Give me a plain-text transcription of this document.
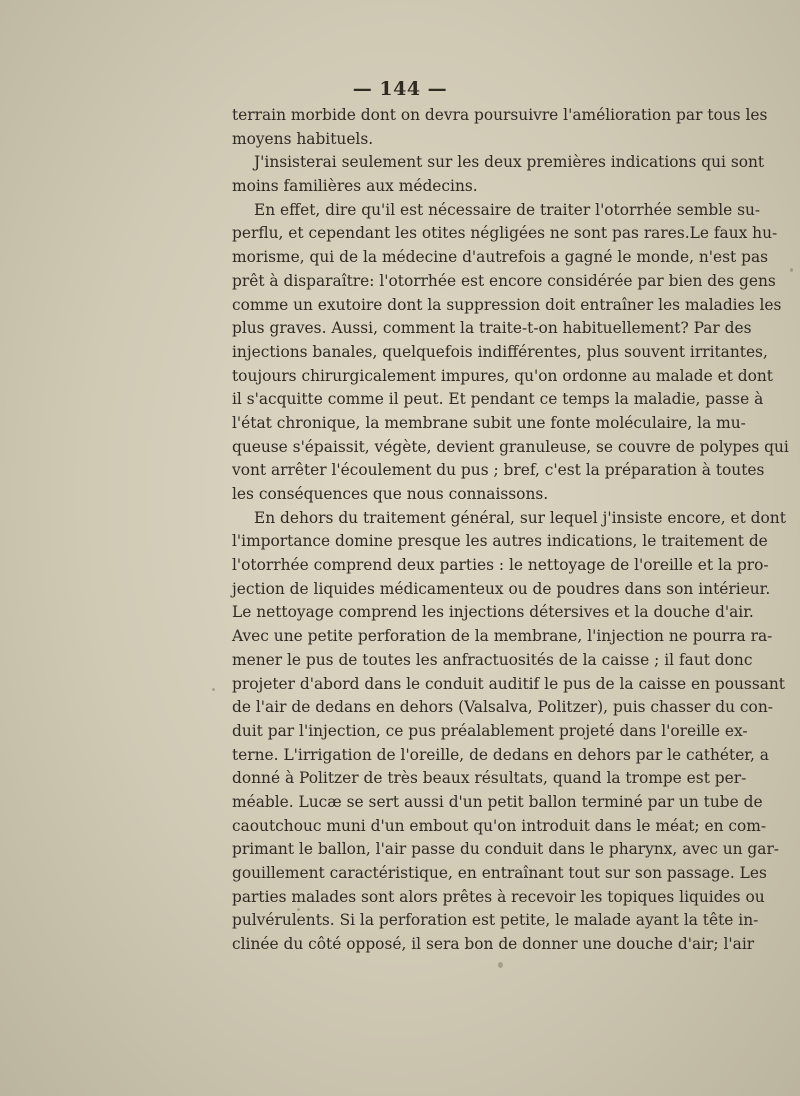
— 144 —
terrain morbide dont on devra poursuivre l'amélioration par tous les
moyens habituels.
J'insisterai seulement sur les deux premières indications qui sont
moins familières aux médecins.
En effet, dire qu'il est nécessaire de traiter l'otorrhée semble su-
perflu, et cependant les otites négligées ne sont pas rares.Le faux hu-
morisme, qui de la médecine d'autrefois a gagné le monde, n'est pas
prêt à disparaître: l'otorrhée est encore considérée par bien des gens
comme un exutoire dont la suppression doit entraîner les maladies les
plus graves. Aussi, comment la traite-t-on habituellement? Par des
injections banales, quelquefois indifférentes, plus souvent irritantes,
toujours chirurgicalement impures, qu'on ordonne au malade et dont
il s'acquitte comme il peut. Et pendant ce temps la maladie, passe à
l'état chronique, la membrane subit une fonte moléculaire, la mu-
queuse s'épaissit, végète, devient granuleuse, se couvre de polypes qui
vont arrêter l'écoulement du pus ; bref, c'est la préparation à toutes
les conséquences que nous connaissons.
En dehors du traitement général, sur lequel j'insiste encore, et dont
l'importance domine presque les autres indications, le traitement de
l'otorrhée comprend deux parties : le nettoyage de l'oreille et la pro-
jection de liquides médicamenteux ou de poudres dans son intérieur.
Le nettoyage comprend les injections détersives et la douche d'air.
Avec une petite perforation de la membrane, l'injection ne pourra ra-
mener le pus de toutes les anfractuosités de la caisse ; il faut donc
projeter d'abord dans le conduit auditif le pus de la caisse en poussant
de l'air de dedans en dehors (Valsalva, Politzer), puis chasser du con-
duit par l'injection, ce pus préalablement projeté dans l'oreille ex-
terne. L'irrigation de l'oreille, de dedans en dehors par le cathéter, a
donné à Politzer de très beaux résultats, quand la trompe est per-
méable. Lucæ se sert aussi d'un petit ballon terminé par un tube de
caoutchouc muni d'un embout qu'on introduit dans le méat; en com-
primant le ballon, l'air passe du conduit dans le pharynx, avec un gar-
gouillement caractéristique, en entraînant tout sur son passage. Les
parties malades sont alors prêtes à recevoir les topiques liquides ou
pulvérulents. Si la perforation est petite, le malade ayant la tête in-
clinée du côté opposé, il sera bon de donner une douche d'air; l'air
